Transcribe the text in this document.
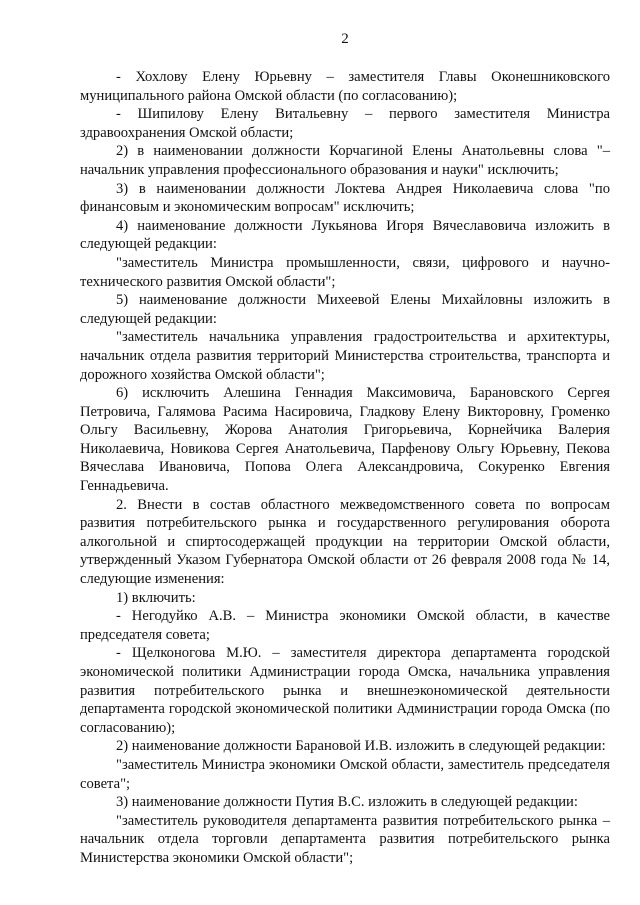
2

- Хохлову Елену Юрьевну – заместителя Главы Оконешниковского муниципального района Омской области (по согласованию);

- Шипилову Елену Витальевну – первого заместителя Министра здравоохранения Омской области;

2) в наименовании должности Корчагиной Елены Анатольевны слова "– начальник управления профессионального образования и науки" исключить;

3) в наименовании должности Локтева Андрея Николаевича слова "по финансовым и экономическим вопросам" исключить;

4) наименование должности Лукьянова Игоря Вячеславовича изложить в следующей редакции:

"заместитель Министра промышленности, связи, цифрового и научно-технического развития Омской области";

5) наименование должности Михеевой Елены Михайловны изложить в следующей редакции:

"заместитель начальника управления градостроительства и архитектуры, начальник отдела развития территорий Министерства строительства, транспорта и дорожного хозяйства Омской области";

6) исключить Алешина Геннадия Максимовича, Барановского Сергея Петровича, Галямова Расима Насировича, Гладкову Елену Викторовну, Громенко Ольгу Васильевну, Жорова Анатолия Григорьевича, Корнейчика Валерия Николаевича, Новикова Сергея Анатольевича, Парфенову Ольгу Юрьевну, Пекова Вячеслава Ивановича, Попова Олега Александровича, Сокуренко Евгения Геннадьевича.

2. Внести в состав областного межведомственного совета по вопросам развития потребительского рынка и государственного регулирования оборота алкогольной и спиртосодержащей продукции на территории Омской области, утвержденный Указом Губернатора Омской области от 26 февраля 2008 года № 14, следующие изменения:

1) включить:

- Негодуйко А.В. – Министра экономики Омской области, в качестве председателя совета;

- Щелконогова М.Ю. – заместителя директора департамента городской экономической политики Администрации города Омска, начальника управления развития потребительского рынка и внешнеэкономической деятельности департамента городской экономической политики Администрации города Омска (по согласованию);

2) наименование должности Барановой И.В. изложить в следующей редакции:

"заместитель Министра экономики Омской области, заместитель председателя совета";

3) наименование должности Путия В.С. изложить в следующей редакции:

"заместитель руководителя департамента развития потребительского рынка – начальник отдела торговли департамента развития потребительского рынка Министерства экономики Омской области";
